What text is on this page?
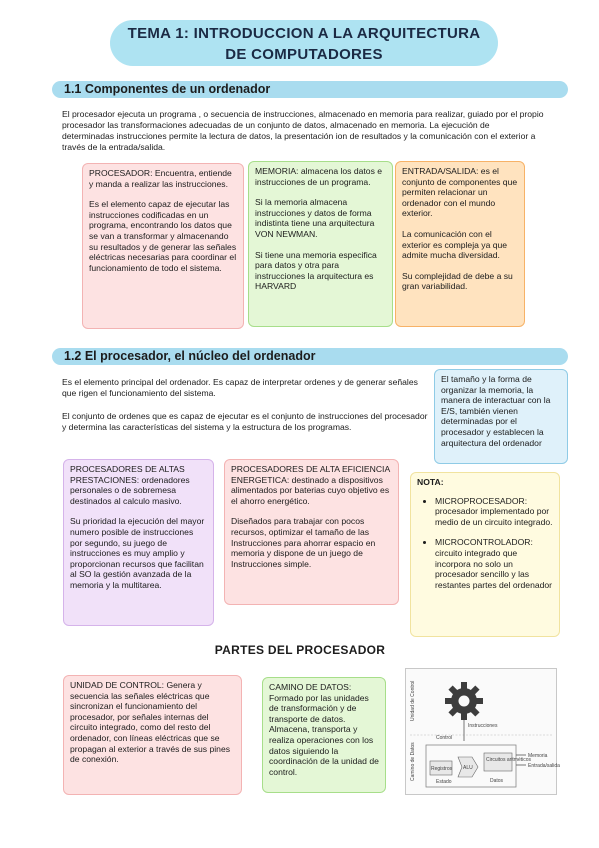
TEMA 1: INTRODUCCION A LA ARQUITECTURA
DE COMPUTADORES
1.1 Componentes de un ordenador
El procesador ejecuta un programa , o secuencia de instrucciones, almacenado en memoria para realizar, guiado por el propio procesador las transformaciones adecuadas de un conjunto de datos, almacenado en memoria. La ejecución de determinadas instrucciones permite la lectura de datos, la presentación ion de resultados y la comunicación con el exterior a través de la entrada/salida.

PROCESADOR: Encuentra, entiende y manda a realizar las instrucciones.

Es el elemento capaz de ejecutar las instrucciones codificadas en un programa, encontrando los datos que se van a transformar y almacenando su resultados y de generar las señales eléctricas necesarias para coordinar el funcionamiento de todo el sistema.

MEMORIA: almacena los datos e instrucciones de un programa.

Si la memoria almacena instrucciones y datos de forma indistinta tiene una arquitectura VON NEWMAN.

Si tiene una memoria especifica para datos y otra para instrucciones la arquitectura es HARVARD

ENTRADA/SALIDA: es el conjunto de componentes que permiten relacionar un ordenador con el mundo exterior.

La comunicación con el exterior es compleja ya que admite mucha diversidad.

Su complejidad de debe a su gran variabilidad.

1.2 El procesador, el núcleo del ordenador
Es el elemento principal del ordenador. Es capaz de interpretar ordenes y de generar señales que rigen el funcionamiento del sistema.
El conjunto de ordenes que es capaz de ejecutar es el conjunto de instrucciones del procesador y determina las características del sistema y la estructura de los programas.

El tamaño y la forma de organizar la memoria, la manera de interactuar con la E/S, también vienen determinadas por el procesador y establecen la arquitectura del ordenador

PROCESADORES DE ALTAS PRESTACIONES: ordenadores personales o de sobremesa destinados al calculo masivo.

Su prioridad la ejecución del mayor numero posible de instrucciones por segundo, su juego de instrucciones es muy amplio y proporcionan recursos que facilitan al SO la gestión avanzada de la memoria y la multitarea.

PROCESADORES DE ALTA EFICIENCIA ENERGETICA: destinado a dispositivos alimentados por baterias cuyo objetivo es el ahorro energético.

Diseñados para trabajar con pocos recursos, optimizar el tamaño de las Instrucciones para ahorrar espacio en memoria y dispone de un juego de Instrucciones simple.

NOTA:
• MICROPROCESADOR: procesador implementado por medio de un circuito integrado.
• MICROCONTROLADOR: circuito integrado que incorpora no solo un procesador sencillo y las restantes partes del ordenador
PARTES DEL PROCESADOR

UNIDAD DE CONTROL: Genera y secuencia las señales eléctricas que sincronizan el funcionamiento del procesador, por señales internas del circuito integrado, como del resto del ordenador, con líneas eléctricas que se propagan al exterior a través de sus pines de conexión.

CAMINO DE DATOS: Formado por las unidades de transformación y de transporte de datos. Almacena, transporta y realiza operaciones con los datos siguiendo la coordinación de la unidad de control.

Unidad de Control
Camino de Datos
Instrucciones
Control
Registros ALU
Circuitos aritméticos
Memoria
Entrada/salida
Datos
Estado
